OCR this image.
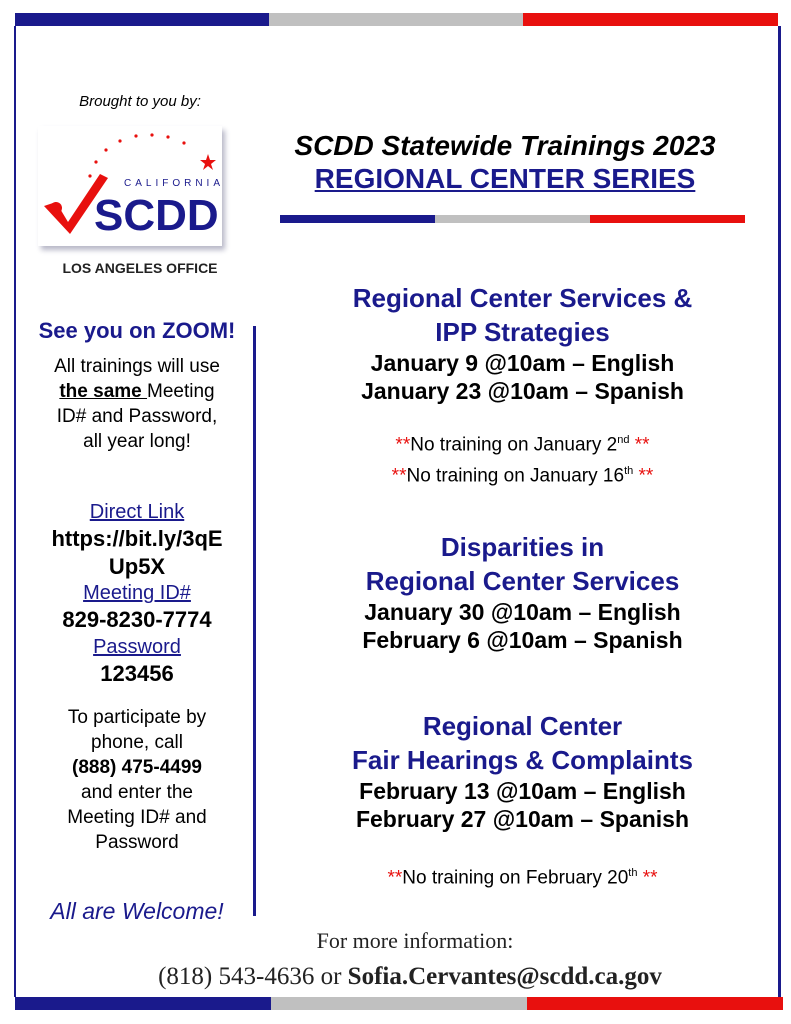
Brought to you by:
CALIFORNIA
SCDD
LOS ANGELES OFFICE
See you on ZOOM!
All trainings will use
the same Meeting
ID# and Password,
all year long!
Direct Link
https://bit.ly/3qE
Up5X
Meeting ID#
829-8230-7774
Password
123456
To participate by
phone, call
(888) 475-4499
and enter the
Meeting ID# and
Password
All are Welcome!
SCDD Statewide Trainings 2023
REGIONAL CENTER SERIES
Regional Center Services &
IPP Strategies
January 9 @10am – English
January 23 @10am – Spanish
**No training on January 2nd **
**No training on January 16th **
Disparities in
Regional Center Services
January 30 @10am – English
February 6 @10am – Spanish
Regional Center
Fair Hearings & Complaints
February 13 @10am – English
February 27 @10am – Spanish
**No training on February 20th **
For more information:
(818) 543-4636 or Sofia.Cervantes@scdd.ca.gov
